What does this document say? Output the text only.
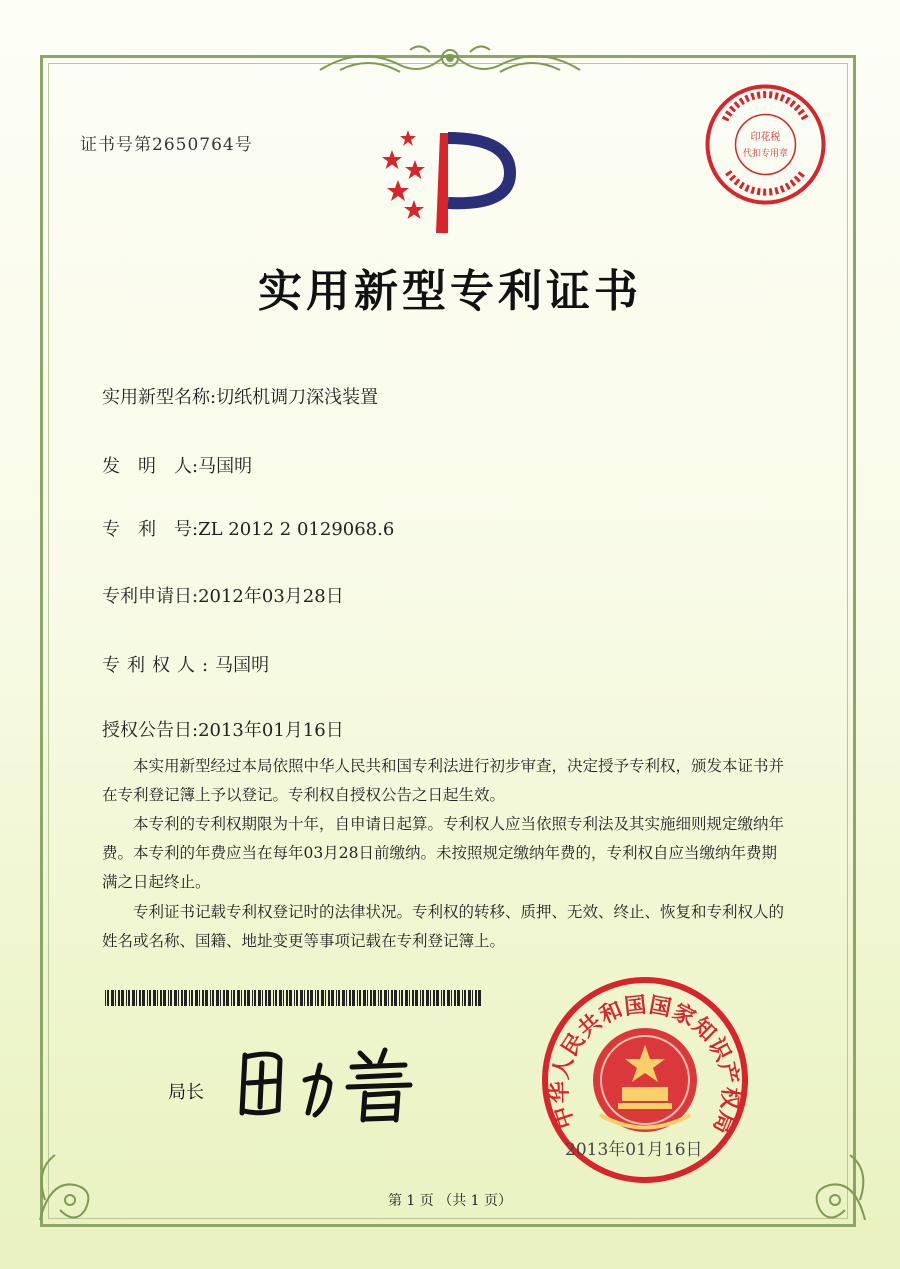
证书号第2650764号
实用新型专利证书
实用新型名称:切纸机调刀深浅装置
发　明　人:马国明
专　利　号:ZL 2012 2 0129068.6
专利申请日:2012年03月28日
专利权人:马国明
授权公告日:2013年01月16日

本实用新型经过本局依照中华人民共和国专利法进行初步审查，决定授予专利权，颁发本证书并在专利登记簿上予以登记。专利权自授权公告之日起生效。

本专利的专利权期限为十年，自申请日起算。专利权人应当依照专利法及其实施细则规定缴纳年费。本专利的年费应当在每年03月28日前缴纳。未按照规定缴纳年费的，专利权自应当缴纳年费期满之日起终止。

专利证书记载专利权登记时的法律状况。专利权的转移、质押、无效、终止、恢复和专利权人的姓名或名称、国籍、地址变更等事项记载在专利登记簿上。

局长
中华人民共和国国家知识产权局
2013年01月16日
印花税
代扣专用章
第 1 页 （共 1 页）
